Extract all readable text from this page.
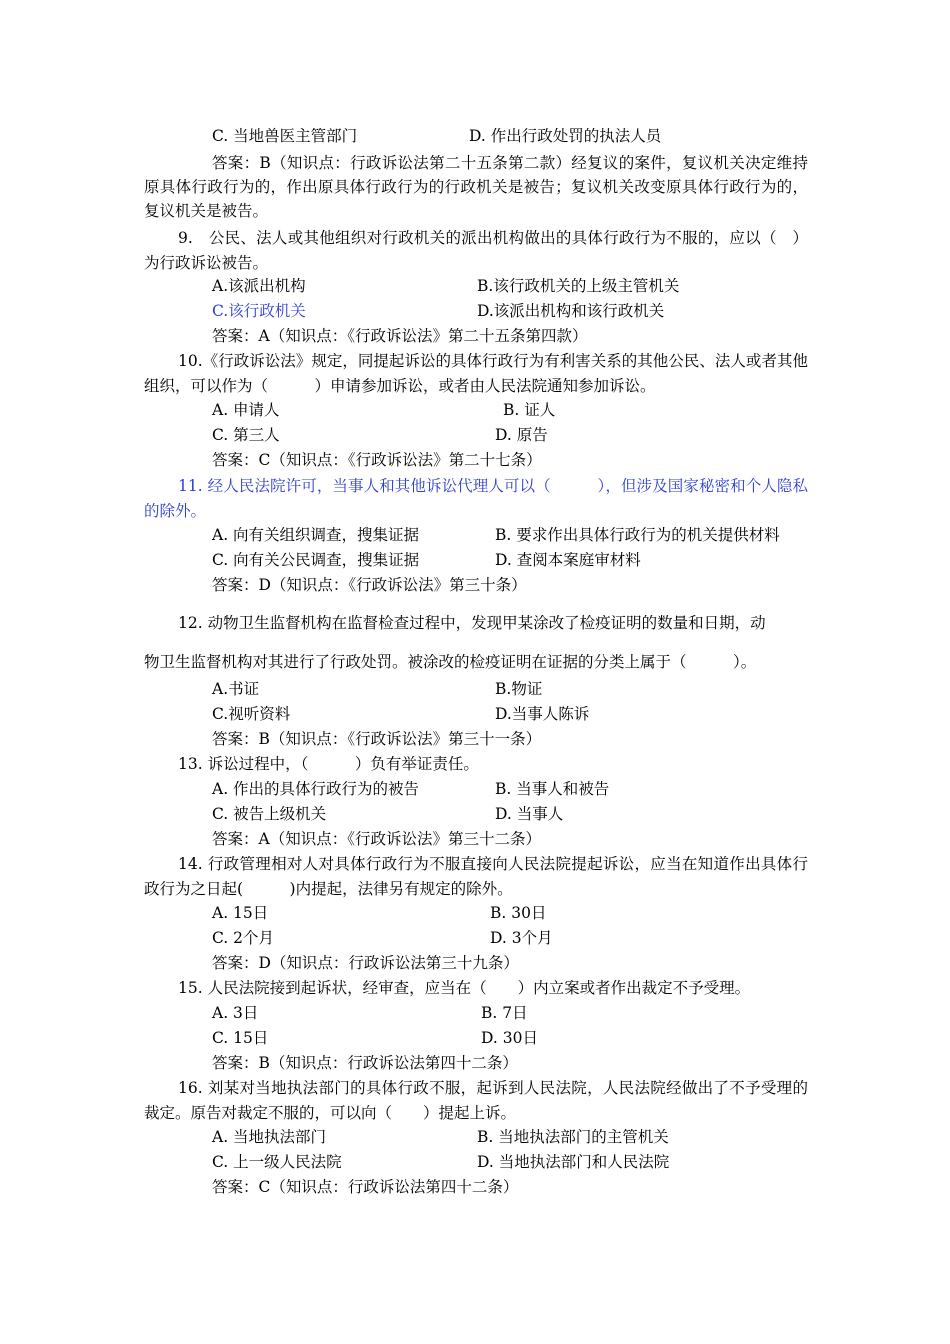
C. 当地兽医主管部门	D. 作出行政处罚的执法人员
答案：B（知识点：行政诉讼法第二十五条第二款）经复议的案件，复议机关决定维持原具体行政行为的，作出原具体行政行为的行政机关是被告；复议机关改变原具体行政行为的，复议机关是被告。
9.　公民、法人或其他组织对行政机关的派出机构做出的具体行政行为不服的，应以（　）为行政诉讼被告。
A.该派出机构	B.该行政机关的上级主管机关
C.该行政机关	D.该派出机构和该行政机关
答案：A（知识点：《行政诉讼法》第二十五条第四款）
10.《行政诉讼法》规定，同提起诉讼的具体行政行为有利害关系的其他公民、法人或者其他组织，可以作为（　　　）申请参加诉讼，或者由人民法院通知参加诉讼。
A. 申请人	B. 证人
C. 第三人	D. 原告
答案：C（知识点：《行政诉讼法》第二十七条）
11. 经人民法院许可，当事人和其他诉讼代理人可以（　　　），但涉及国家秘密和个人隐私的除外。
A. 向有关组织调查，搜集证据	B. 要求作出具体行政行为的机关提供材料
C. 向有关公民调查，搜集证据	D. 查阅本案庭审材料
答案：D（知识点：《行政诉讼法》第三十条）
12. 动物卫生监督机构在监督检查过程中，发现甲某涂改了检疫证明的数量和日期，动
物卫生监督机构对其进行了行政处罚。被涂改的检疫证明在证据的分类上属于（　　　）。
A.书证	B.物证
C.视听资料	D.当事人陈诉
答案：B（知识点：《行政诉讼法》第三十一条）
13. 诉讼过程中，（　　　）负有举证责任。
A. 作出的具体行政行为的被告	B. 当事人和被告
C. 被告上级机关	D. 当事人
答案：A（知识点：《行政诉讼法》第三十二条）
14. 行政管理相对人对具体行政行为不服直接向人民法院提起诉讼，应当在知道作出具体行政行为之日起(　　　)内提起，法律另有规定的除外。
A. 15日	B. 30日
C. 2个月	D. 3个月
答案：D（知识点：行政诉讼法第三十九条）
15. 人民法院接到起诉状，经审查，应当在（　　）内立案或者作出裁定不予受理。
A. 3日	B. 7日
C. 15日	D. 30日
答案：B（知识点：行政诉讼法第四十二条）
16. 刘某对当地执法部门的具体行政不服，起诉到人民法院，人民法院经做出了不予受理的裁定。原告对裁定不服的，可以向（　　）提起上诉。
A. 当地执法部门	B. 当地执法部门的主管机关
C. 上一级人民法院	D. 当地执法部门和人民法院
答案：C（知识点：行政诉讼法第四十二条）
